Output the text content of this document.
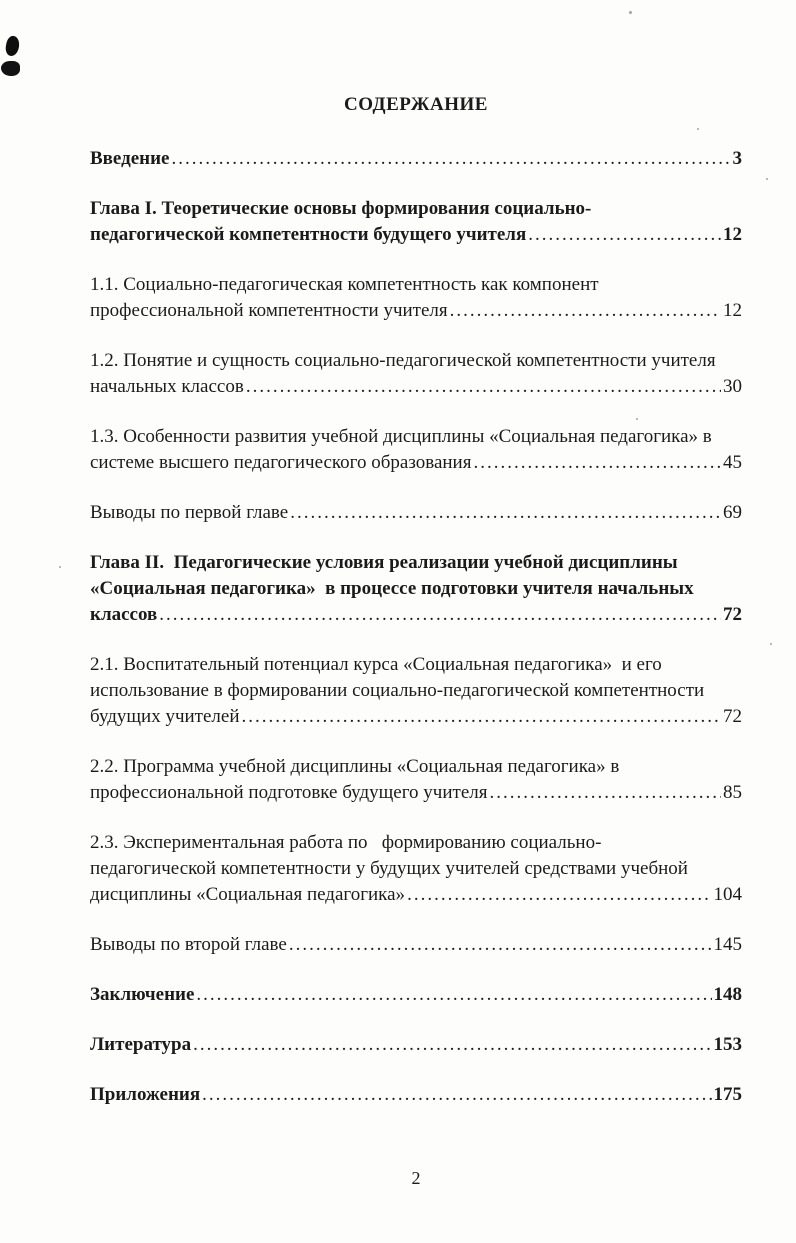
СОДЕРЖАНИЕ
Введение .....	3
Глава I. Теоретические основы формирования социально-
педагогической компетентности будущего учителя .....	12
1.1. Социально-педагогическая компетентность как компонент
профессиональной компетентности учителя .....	12
1.2. Понятие и сущность социально-педагогической компетентности учителя
начальных классов .....	30
1.3. Особенности развития учебной дисциплины «Социальная педагогика» в
системе высшего педагогического образования .....	45
Выводы по первой главе .....	69
Глава II.  Педагогические условия реализации учебной дисциплины
«Социальная педагогика»  в процессе подготовки учителя начальных
классов .....	72
2.1. Воспитательный потенциал курса «Социальная педагогика»  и его
использование в формировании социально-педагогической компетентности
будущих учителей .....	72
2.2. Программа учебной дисциплины «Социальная педагогика» в
профессиональной подготовке будущего учителя .....	85
2.3. Экспериментальная работа по   формированию социально-
педагогической компетентности у будущих учителей средствами учебной
дисциплины «Социальная педагогика» .....	104
Выводы по второй главе .....	145
Заключение .....	148
Литература .....	153
Приложения .....	175
2
